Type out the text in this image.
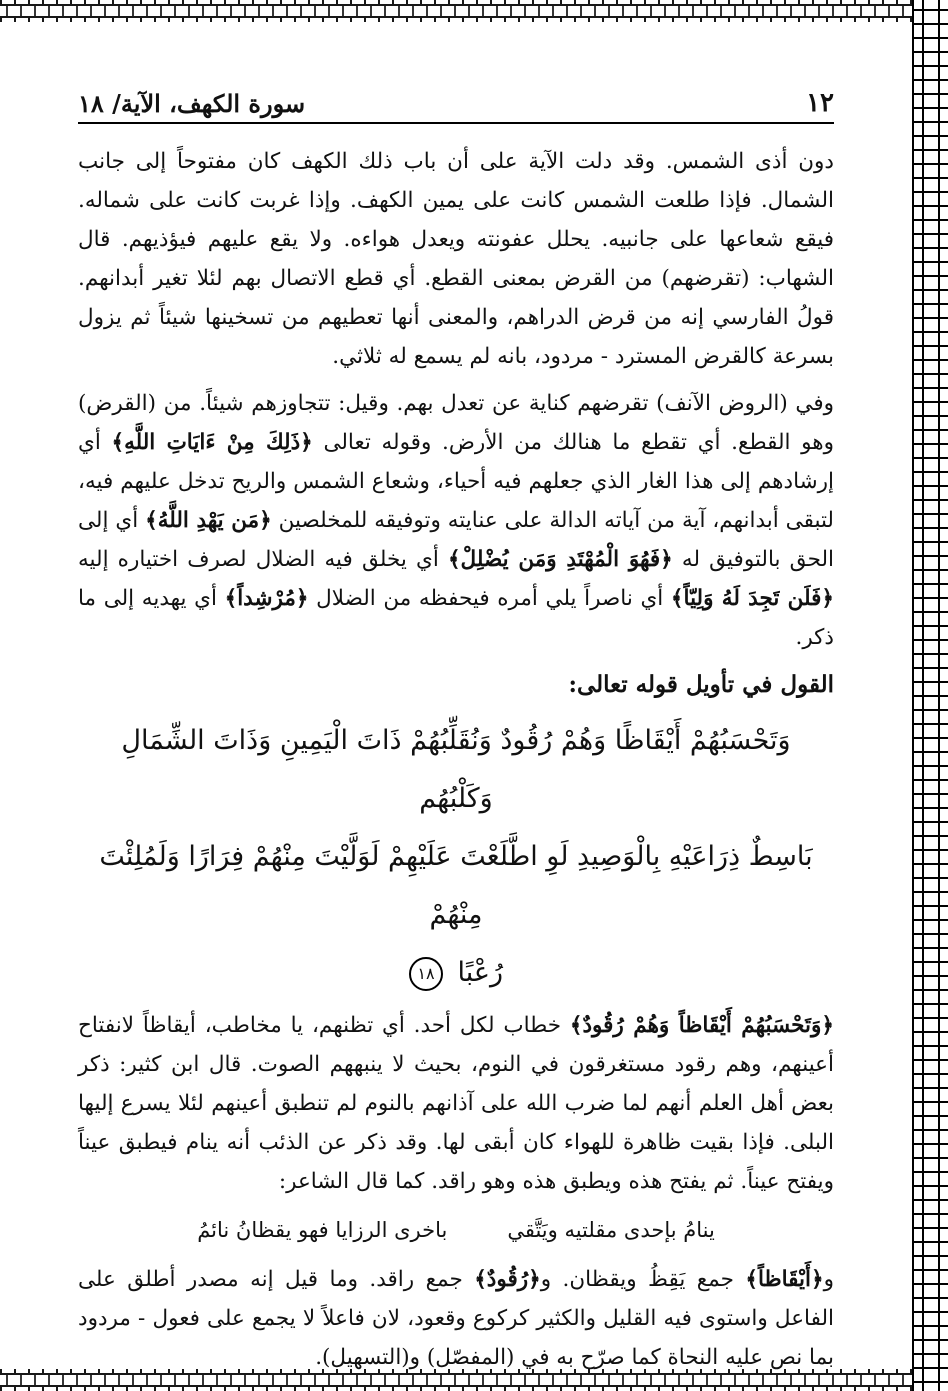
١٢
سورة الكهف، الآية/ ١٨

دون أذى الشمس. وقد دلت الآية على أن باب ذلك الكهف كان مفتوحاً إلى جانب الشمال. فإذا طلعت الشمس كانت على يمين الكهف. وإذا غربت كانت على شماله. فيقع شعاعها على جانبيه. يحلل عفونته ويعدل هواءه. ولا يقع عليهم فيؤذيهم. قال الشهاب: (تقرضهم) من القرض بمعنى القطع. أي قطع الاتصال بهم لئلا تغير أبدانهم. قولُ الفارسي إنه من قرض الدراهم، والمعنى أنها تعطيهم من تسخينها شيئاً ثم يزول بسرعة كالقرض المسترد - مردود، بانه لم يسمع له ثلاثي.

وفي (الروض الآنف) تقرضهم كناية عن تعدل بهم. وقيل: تتجاوزهم شيئاً. من (القرض) وهو القطع. أي تقطع ما هنالك من الأرض. وقوله تعالى ﴿ذَلِكَ مِنْ ءَايَاتِ اللَّهِ﴾ أي إرشادهم إلى هذا الغار الذي جعلهم فيه أحياء، وشعاع الشمس والريح تدخل عليهم فيه، لتبقى أبدانهم، آية من آياته الدالة على عنايته وتوفيقه للمخلصين ﴿مَن يَهْدِ اللَّهُ﴾ أي إلى الحق بالتوفيق له ﴿فَهُوَ الْمُهْتَدِ وَمَن يُضْلِلْ﴾ أي يخلق فيه الضلال لصرف اختياره إليه ﴿فَلَن تَجِدَ لَهُ وَلِيّاً﴾ أي ناصراً يلي أمره فيحفظه من الضلال ﴿مُرْشِداً﴾ أي يهديه إلى ما ذكر.

القول في تأويل قوله تعالى:
وَتَحْسَبُهُمْ أَيْقَاظًا وَهُمْ رُقُودٌ وَنُقَلِّبُهُمْ ذَاتَ الْيَمِينِ وَذَاتَ الشِّمَالِ وَكَلْبُهُم
بَاسِطٌ ذِرَاعَيْهِ بِالْوَصِيدِ لَوِ اطَّلَعْتَ عَلَيْهِمْ لَوَلَّيْتَ مِنْهُمْ فِرَارًا وَلَمُلِئْتَ مِنْهُمْ
رُعْبًا ١٨

﴿وَتَحْسَبُهُمْ أَيْقَاظاً وَهُمْ رُقُودٌ﴾ خطاب لكل أحد. أي تظنهم، يا مخاطب، أيقاظاً لانفتاح أعينهم، وهم رقود مستغرقون في النوم، بحيث لا ينبههم الصوت. قال ابن كثير: ذكر بعض أهل العلم أنهم لما ضرب الله على آذانهم بالنوم لم تنطبق أعينهم لئلا يسرع إليها البلى. فإذا بقيت ظاهرة للهواء كان أبقى لها. وقد ذكر عن الذئب أنه ينام فيطبق عيناً ويفتح عيناً. ثم يفتح هذه ويطبق هذه وهو راقد. كما قال الشاعر:

ينامُ بإحدى مقلتيه ويَتَّقي
باخرى الرزايا فهو يقظانُ نائمُ

و﴿أَيْقَاظاً﴾ جمع يَقِظُ ويقظان. و﴿رُقُودٌ﴾ جمع راقد. وما قيل إنه مصدر أطلق على الفاعل واستوى فيه القليل والكثير كركوع وقعود، لان فاعلاً لا يجمع على فعول - مردود بما نص عليه النحاة كما صرّح به في (المفصّل) و(التسهيل).
